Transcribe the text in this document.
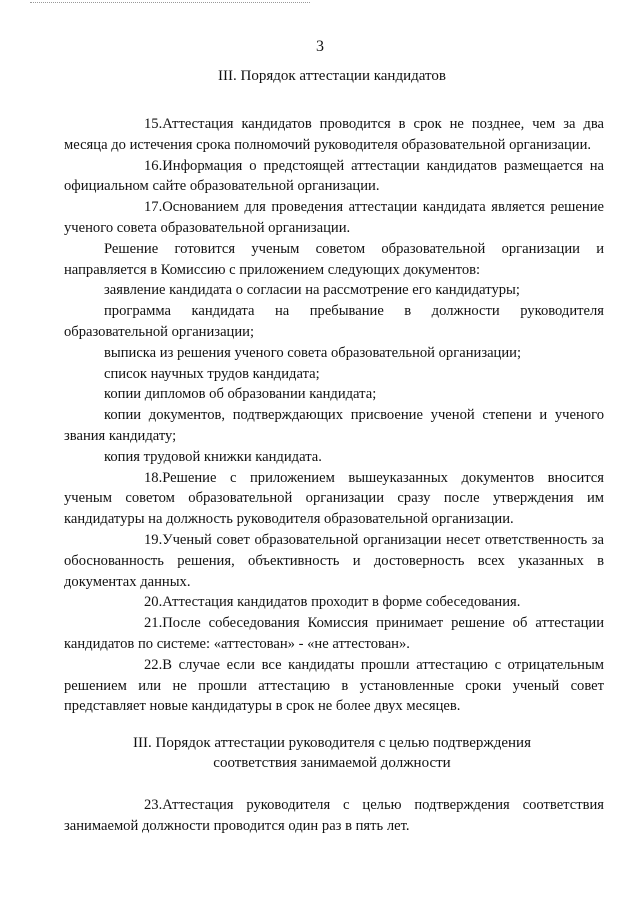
3
III. Порядок аттестации кандидатов

15.Аттестация кандидатов проводится в срок не позднее, чем за два месяца до истечения срока полномочий руководителя образовательной организации.

16.Информация о предстоящей аттестации кандидатов размещается на официальном сайте образовательной организации.

17.Основанием для проведения аттестации кандидата является решение ученого совета образовательной организации.

Решение готовится ученым советом образовательной организации и направляется в Комиссию с приложением следующих документов:

заявление кандидата о согласии на рассмотрение его кандидатуры;

программа кандидата на пребывание в должности руководителя образовательной организации;

выписка из решения ученого совета образовательной организации;

список научных трудов кандидата;

копии дипломов об образовании кандидата;

копии документов, подтверждающих присвоение ученой степени и ученого звания кандидату;

копия трудовой книжки кандидата.

18.Решение с приложением вышеуказанных документов вносится ученым советом образовательной организации сразу после утверждения им кандидатуры на должность руководителя образовательной организации.

19.Ученый совет образовательной организации несет ответственность за обоснованность решения, объективность и достоверность всех указанных в документах данных.

20.Аттестация кандидатов проходит в форме собеседования.

21.После собеседования Комиссия принимает решение об аттестации кандидатов по системе: «аттестован» - «не аттестован».

22.В случае если все кандидаты прошли аттестацию с отрицательным решением или не прошли аттестацию в установленные сроки ученый совет представляет новые кандидатуры в срок не более двух месяцев.

III. Порядок аттестации руководителя с целью подтверждения
соответствия занимаемой должности

23.Аттестация руководителя с целью подтверждения соответствия занимаемой должности проводится один раз в пять лет.
